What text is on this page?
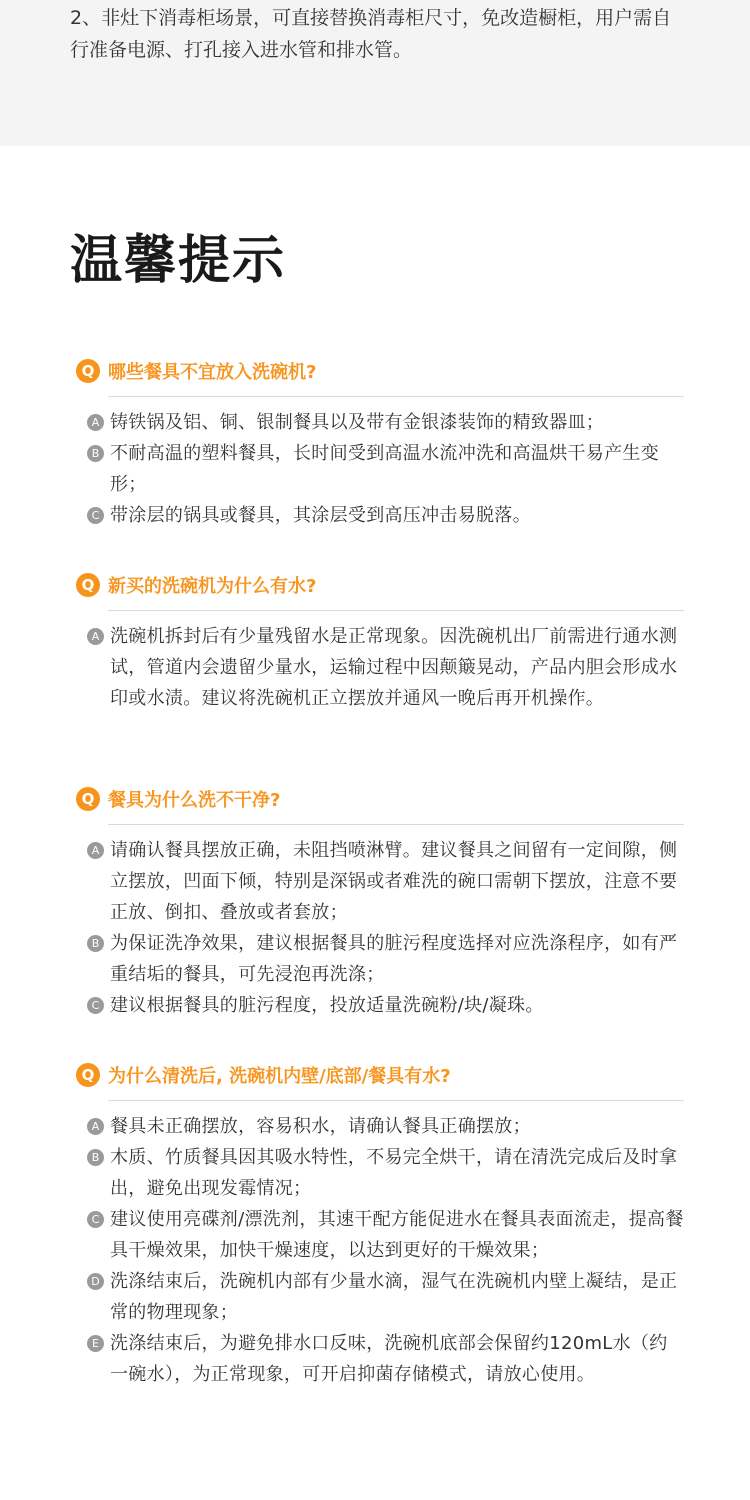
2、非灶下消毒柜场景，可直接替换消毒柜尺寸，免改造橱柜，用户需自行准备电源、打孔接入进水管和排水管。
温馨提示
Q 哪些餐具不宜放入洗碗机?
A 铸铁锅及铝、铜、银制餐具以及带有金银漆装饰的精致器皿；
B 不耐高温的塑料餐具，长时间受到高温水流冲洗和高温烘干易产生变形；
C 带涂层的锅具或餐具，其涂层受到高压冲击易脱落。
Q 新买的洗碗机为什么有水?
A 洗碗机拆封后有少量残留水是正常现象。因洗碗机出厂前需进行通水测试，管道内会遗留少量水，运输过程中因颠簸晃动，产品内胆会形成水印或水渍。建议将洗碗机正立摆放并通风一晚后再开机操作。
Q 餐具为什么洗不干净?
A 请确认餐具摆放正确，未阻挡喷淋臂。建议餐具之间留有一定间隙，侧立摆放，凹面下倾，特别是深锅或者难洗的碗口需朝下摆放，注意不要正放、倒扣、叠放或者套放；
B 为保证洗净效果，建议根据餐具的脏污程度选择对应洗涤程序，如有严重结垢的餐具，可先浸泡再洗涤；
C 建议根据餐具的脏污程度，投放适量洗碗粉/块/凝珠。
Q 为什么清洗后, 洗碗机内壁/底部/餐具有水?
A 餐具未正确摆放，容易积水，请确认餐具正确摆放；
B 木质、竹质餐具因其吸水特性，不易完全烘干，请在清洗完成后及时拿出，避免出现发霉情况；
C 建议使用亮碟剂/漂洗剂，其速干配方能促进水在餐具表面流走，提高餐具干燥效果，加快干燥速度，以达到更好的干燥效果；
D 洗涤结束后，洗碗机内部有少量水滴，湿气在洗碗机内壁上凝结，是正常的物理现象；
E 洗涤结束后，为避免排水口反味，洗碗机底部会保留约120mL水（约一碗水），为正常现象，可开启抑菌存储模式，请放心使用。
